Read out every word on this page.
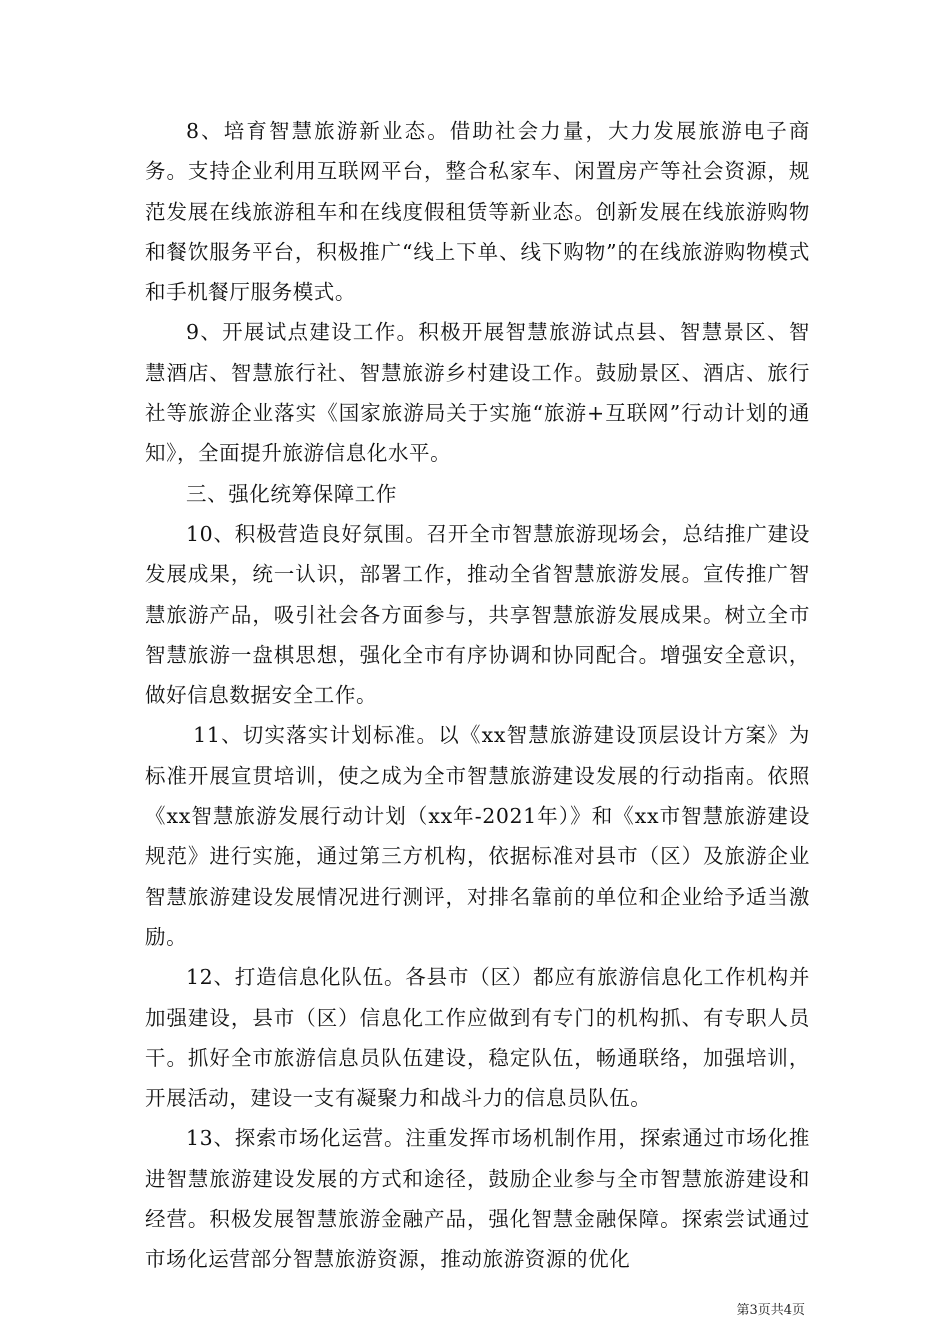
8、培育智慧旅游新业态。借助社会力量，大力发展旅游电子商务。支持企业利用互联网平台，整合私家车、闲置房产等社会资源，规范发展在线旅游租车和在线度假租赁等新业态。创新发展在线旅游购物和餐饮服务平台，积极推广“线上下单、线下购物”的在线旅游购物模式和手机餐厅服务模式。

9、开展试点建设工作。积极开展智慧旅游试点县、智慧景区、智慧酒店、智慧旅行社、智慧旅游乡村建设工作。鼓励景区、酒店、旅行社等旅游企业落实《国家旅游局关于实施“旅游+互联网”行动计划的通知》，全面提升旅游信息化水平。

三、强化统筹保障工作

10、积极营造良好氛围。召开全市智慧旅游现场会，总结推广建设发展成果，统一认识，部署工作，推动全省智慧旅游发展。宣传推广智慧旅游产品，吸引社会各方面参与，共享智慧旅游发展成果。树立全市智慧旅游一盘棋思想，强化全市有序协调和协同配合。增强安全意识，做好信息数据安全工作。

11、切实落实计划标准。以《xx智慧旅游建设顶层设计方案》为标准开展宣贯培训，使之成为全市智慧旅游建设发展的行动指南。依照《xx智慧旅游发展行动计划（xx年-2021年）》和《xx市智慧旅游建设规范》进行实施，通过第三方机构，依据标准对县市（区）及旅游企业智慧旅游建设发展情况进行测评，对排名靠前的单位和企业给予适当激励。

12、打造信息化队伍。各县市（区）都应有旅游信息化工作机构并加强建设，县市（区）信息化工作应做到有专门的机构抓、有专职人员干。抓好全市旅游信息员队伍建设，稳定队伍，畅通联络，加强培训，开展活动，建设一支有凝聚力和战斗力的信息员队伍。

13、探索市场化运营。注重发挥市场机制作用，探索通过市场化推进智慧旅游建设发展的方式和途径，鼓励企业参与全市智慧旅游建设和经营。积极发展智慧旅游金融产品，强化智慧金融保障。探索尝试通过市场化运营部分智慧旅游资源，推动旅游资源的优化

第3页共4页
